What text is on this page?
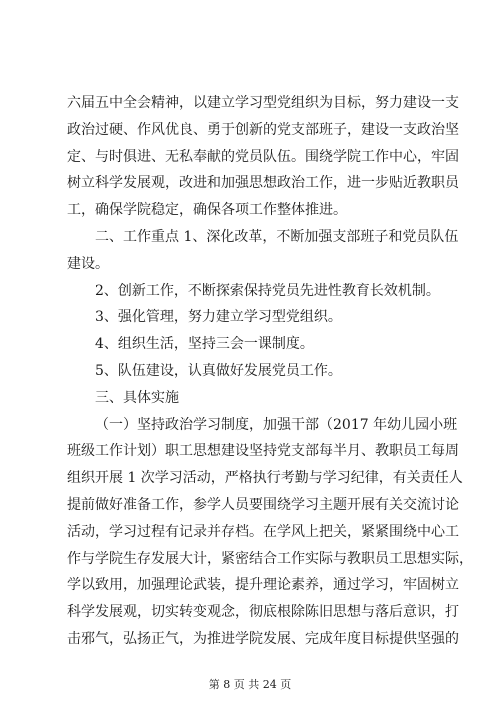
六届五中全会精神，以建立学习型党组织为目标，努力建设一支
政治过硬、作风优良、勇于创新的党支部班子，建设一支政治坚
定、与时俱进、无私奉献的党员队伍。围绕学院工作中心，牢固
树立科学发展观，改进和加强思想政治工作，进一步贴近教职员
工，确保学院稳定，确保各项工作整体推进。
二、工作重点 1、深化改革，不断加强支部班子和党员队伍
建设。
2、创新工作，不断探索保持党员先进性教育长效机制。
3、强化管理，努力建立学习型党组织。
4、组织生活，坚持三会一课制度。
5、队伍建设，认真做好发展党员工作。
三、具体实施
（一）坚持政治学习制度，加强干部（2017 年幼儿园小班
班级工作计划）职工思想建设坚持党支部每半月、教职员工每周
组织开展 1 次学习活动，严格执行考勤与学习纪律，有关责任人
提前做好准备工作，参学人员要围绕学习主题开展有关交流讨论
活动，学习过程有记录并存档。在学风上把关，紧紧围绕中心工
作与学院生存发展大计，紧密结合工作实际与教职员工思想实际，
学以致用，加强理论武装，提升理论素养，通过学习，牢固树立
科学发展观，切实转变观念，彻底根除陈旧思想与落后意识，打
击邪气，弘扬正气，为推进学院发展、完成年度目标提供坚强的
第 8 页 共 24 页
